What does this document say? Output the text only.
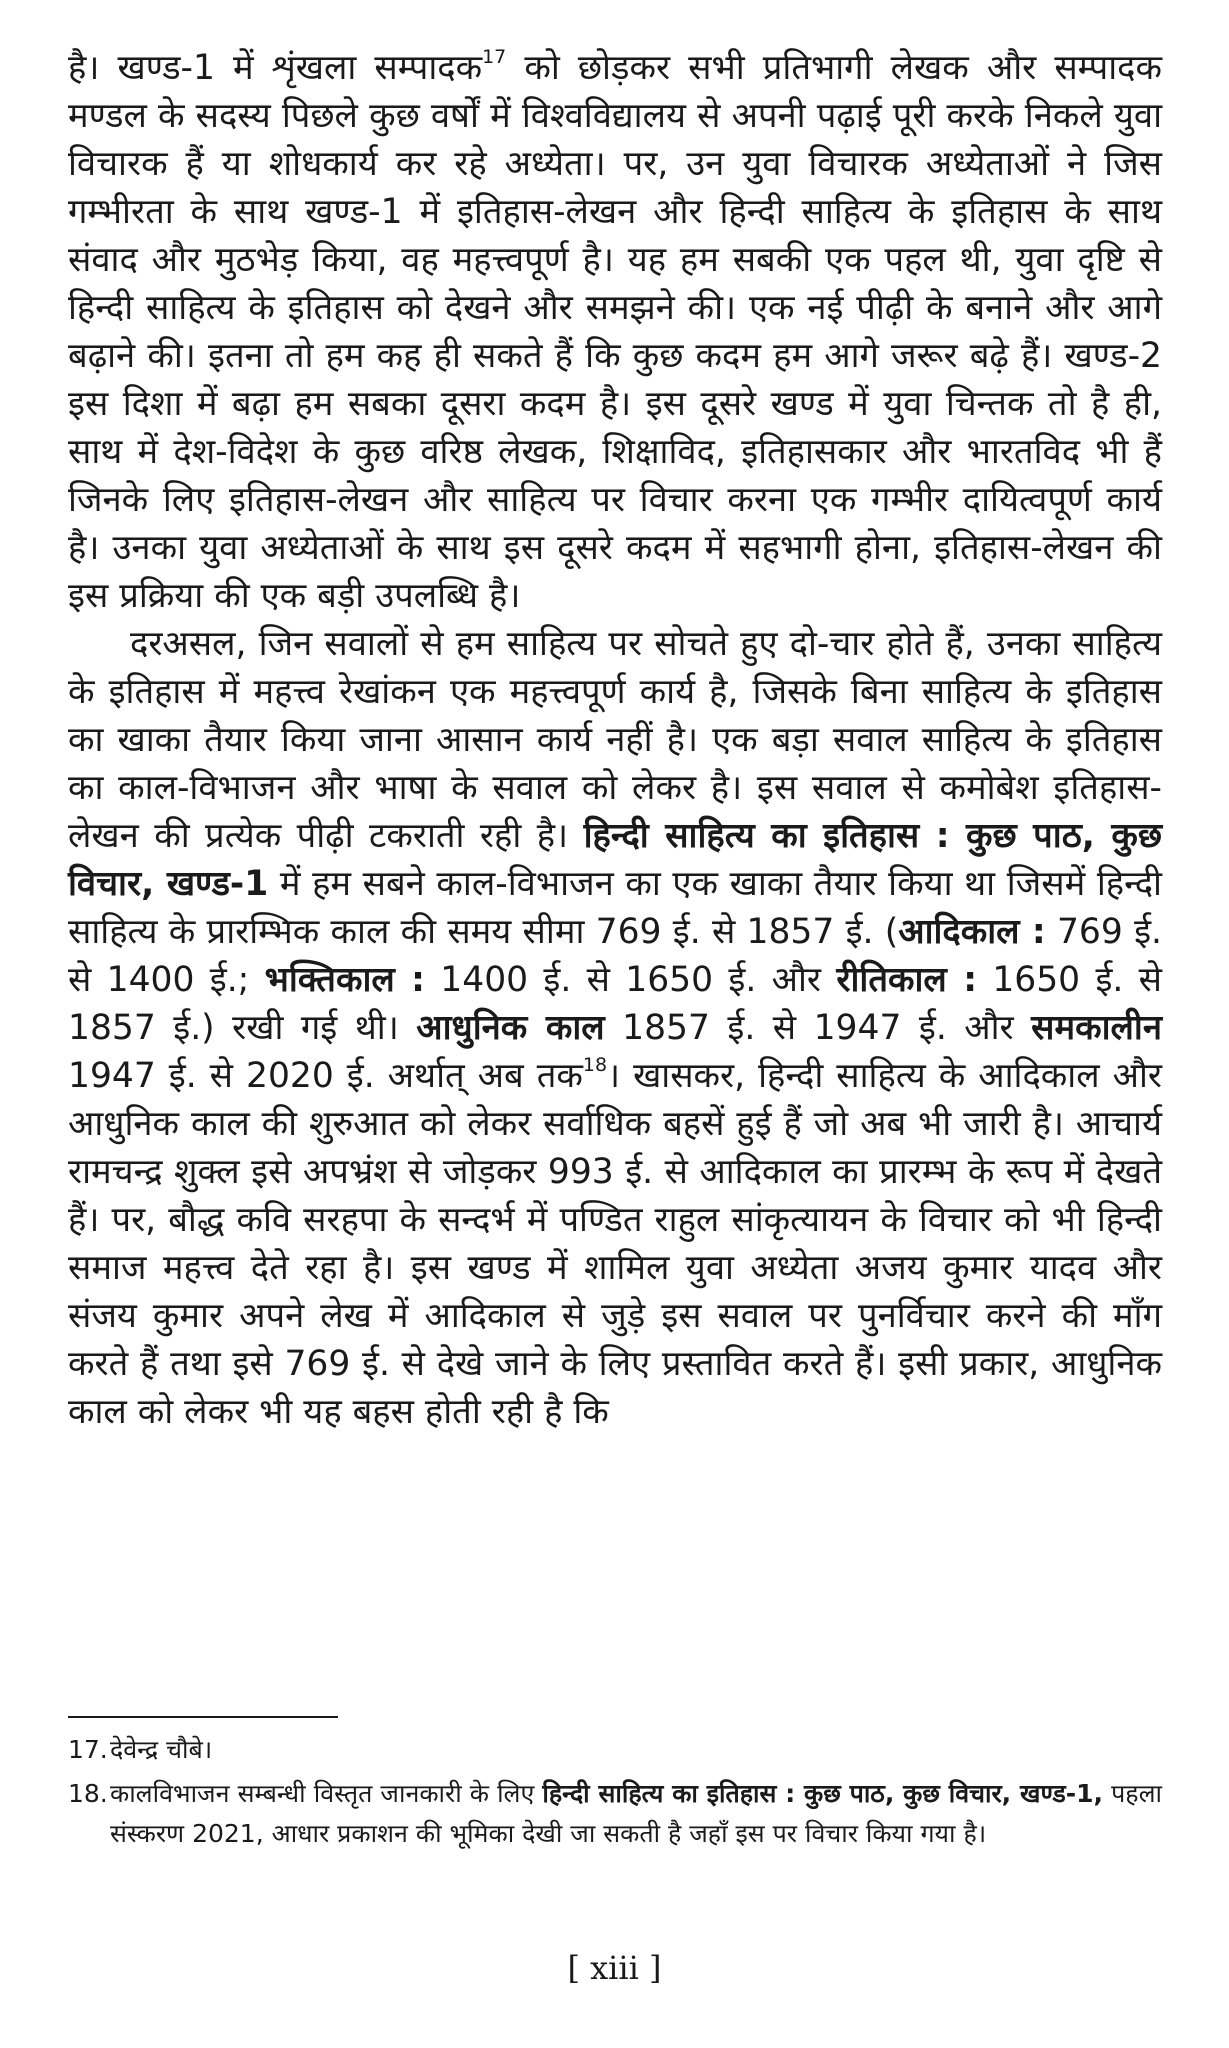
है। खण्ड-1 में शृंखला सम्पादक$^{17}$ को छोड़कर सभी प्रतिभागी लेखक और सम्पादक मण्डल के सदस्य पिछले कुछ वर्षों में विश्वविद्यालय से अपनी पढ़ाई पूरी करके निकले युवा विचारक हैं या शोधकार्य कर रहे अध्येता। पर, उन युवा विचारक अध्येताओं ने जिस गम्भीरता के साथ खण्ड-1 में इतिहास-लेखन और हिन्दी साहित्य के इतिहास के साथ संवाद और मुठभेड़ किया, वह महत्त्वपूर्ण है। यह हम सबकी एक पहल थी, युवा दृष्टि से हिन्दी साहित्य के इतिहास को देखने और समझने की। एक नई पीढ़ी के बनाने और आगे बढ़ाने की। इतना तो हम कह ही सकते हैं कि कुछ कदम हम आगे जरूर बढ़े हैं। खण्ड-2 इस दिशा में बढ़ा हम सबका दूसरा कदम है। इस दूसरे खण्ड में युवा चिन्तक तो है ही, साथ में देश-विदेश के कुछ वरिष्ठ लेखक, शिक्षाविद, इतिहासकार और भारतविद भी हैं जिनके लिए इतिहास-लेखन और साहित्य पर विचार करना एक गम्भीर दायित्वपूर्ण कार्य है। उनका युवा अध्येताओं के साथ इस दूसरे कदम में सहभागी होना, इतिहास-लेखन की इस प्रक्रिया की एक बड़ी उपलब्धि है।

दरअसल, जिन सवालों से हम साहित्य पर सोचते हुए दो-चार होते हैं, उनका साहित्य के इतिहास में महत्त्व रेखांकन एक महत्त्वपूर्ण कार्य है, जिसके बिना साहित्य के इतिहास का खाका तैयार किया जाना आसान कार्य नहीं है। एक बड़ा सवाल साहित्य के इतिहास का काल-विभाजन और भाषा के सवाल को लेकर है। इस सवाल से कमोबेश इतिहास-लेखन की प्रत्येक पीढ़ी टकराती रही है। हिन्दी साहित्य का इतिहास : कुछ पाठ, कुछ विचार, खण्ड-1 में हम सबने काल-विभाजन का एक खाका तैयार किया था जिसमें हिन्दी साहित्य के प्रारम्भिक काल की समय सीमा 769 ई. से 1857 ई. (आदिकाल : 769 ई. से 1400 ई.; भक्तिकाल : 1400 ई. से 1650 ई. और रीतिकाल : 1650 ई. से 1857 ई.) रखी गई थी। आधुनिक काल 1857 ई. से 1947 ई. और समकालीन 1947 ई. से 2020 ई. अर्थात् अब तक$^{18}$। खासकर, हिन्दी साहित्य के आदिकाल और आधुनिक काल की शुरुआत को लेकर सर्वाधिक बहसें हुई हैं जो अब भी जारी है। आचार्य रामचन्द्र शुक्ल इसे अपभ्रंश से जोड़कर 993 ई. से आदिकाल का प्रारम्भ के रूप में देखते हैं। पर, बौद्ध कवि सरहपा के सन्दर्भ में पण्डित राहुल सांकृत्यायन के विचार को भी हिन्दी समाज महत्त्व देते रहा है। इस खण्ड में शामिल युवा अध्येता अजय कुमार यादव और संजय कुमार अपने लेख में आदिकाल से जुड़े इस सवाल पर पुनर्विचार करने की माँग करते हैं तथा इसे 769 ई. से देखे जाने के लिए प्रस्तावित करते हैं। इसी प्रकार, आधुनिक काल को लेकर भी यह बहस होती रही है कि

17. देवेन्द्र चौबे।
18. कालविभाजन सम्बन्धी विस्तृत जानकारी के लिए हिन्दी साहित्य का इतिहास : कुछ पाठ, कुछ विचार, खण्ड-1, पहला संस्करण 2021, आधार प्रकाशन की भूमिका देखी जा सकती है जहाँ इस पर विचार किया गया है।
[ xiii ]
